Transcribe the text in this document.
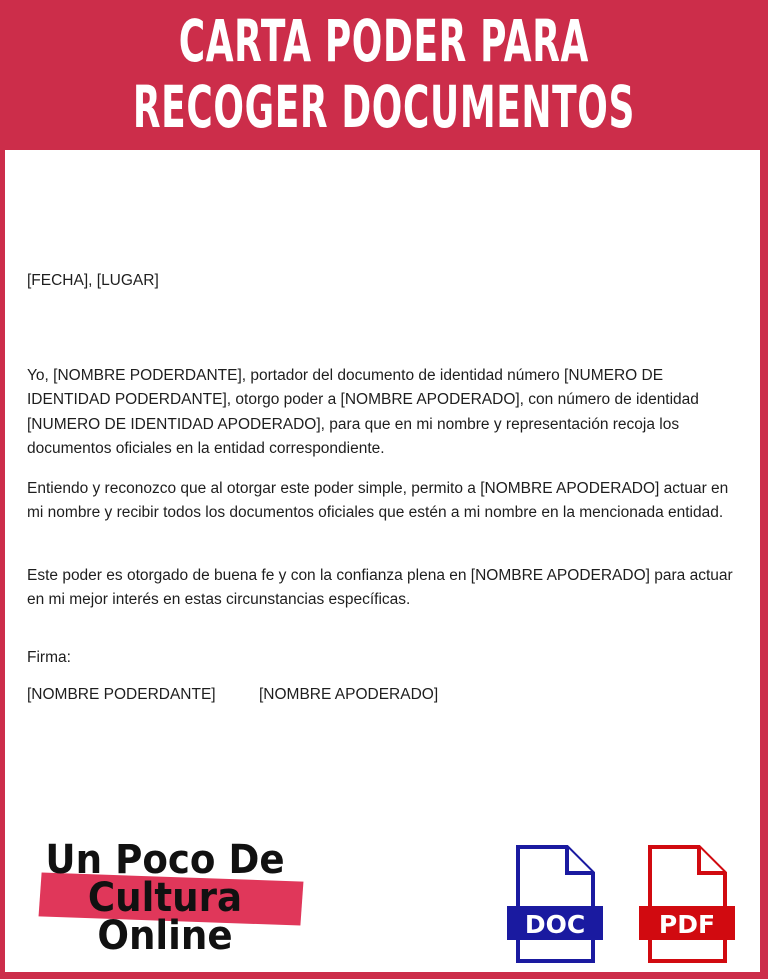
CARTA PODER PARA
RECOGER DOCUMENTOS
[FECHA], [LUGAR]

Yo, [NOMBRE PODERDANTE], portador del documento de identidad número [NUMERO DE IDENTIDAD PODERDANTE], otorgo poder a [NOMBRE APODERADO], con número de identidad [NUMERO DE IDENTIDAD APODERADO], para que en mi nombre y representación recoja los documentos oficiales en la entidad correspondiente.

Entiendo y reconozco que al otorgar este poder simple, permito a [NOMBRE APODERADO] actuar en mi nombre y recibir todos los documentos oficiales que estén a mi nombre en la mencionada entidad.

Este poder es otorgado de buena fe y con la confianza plena en [NOMBRE APODERADO] para actuar en mi mejor interés en estas circunstancias específicas.

Firma:
[NOMBRE PODERDANTE]	[NOMBRE APODERADO]
Un Poco De
Cultura
Online	DOC	PDF
